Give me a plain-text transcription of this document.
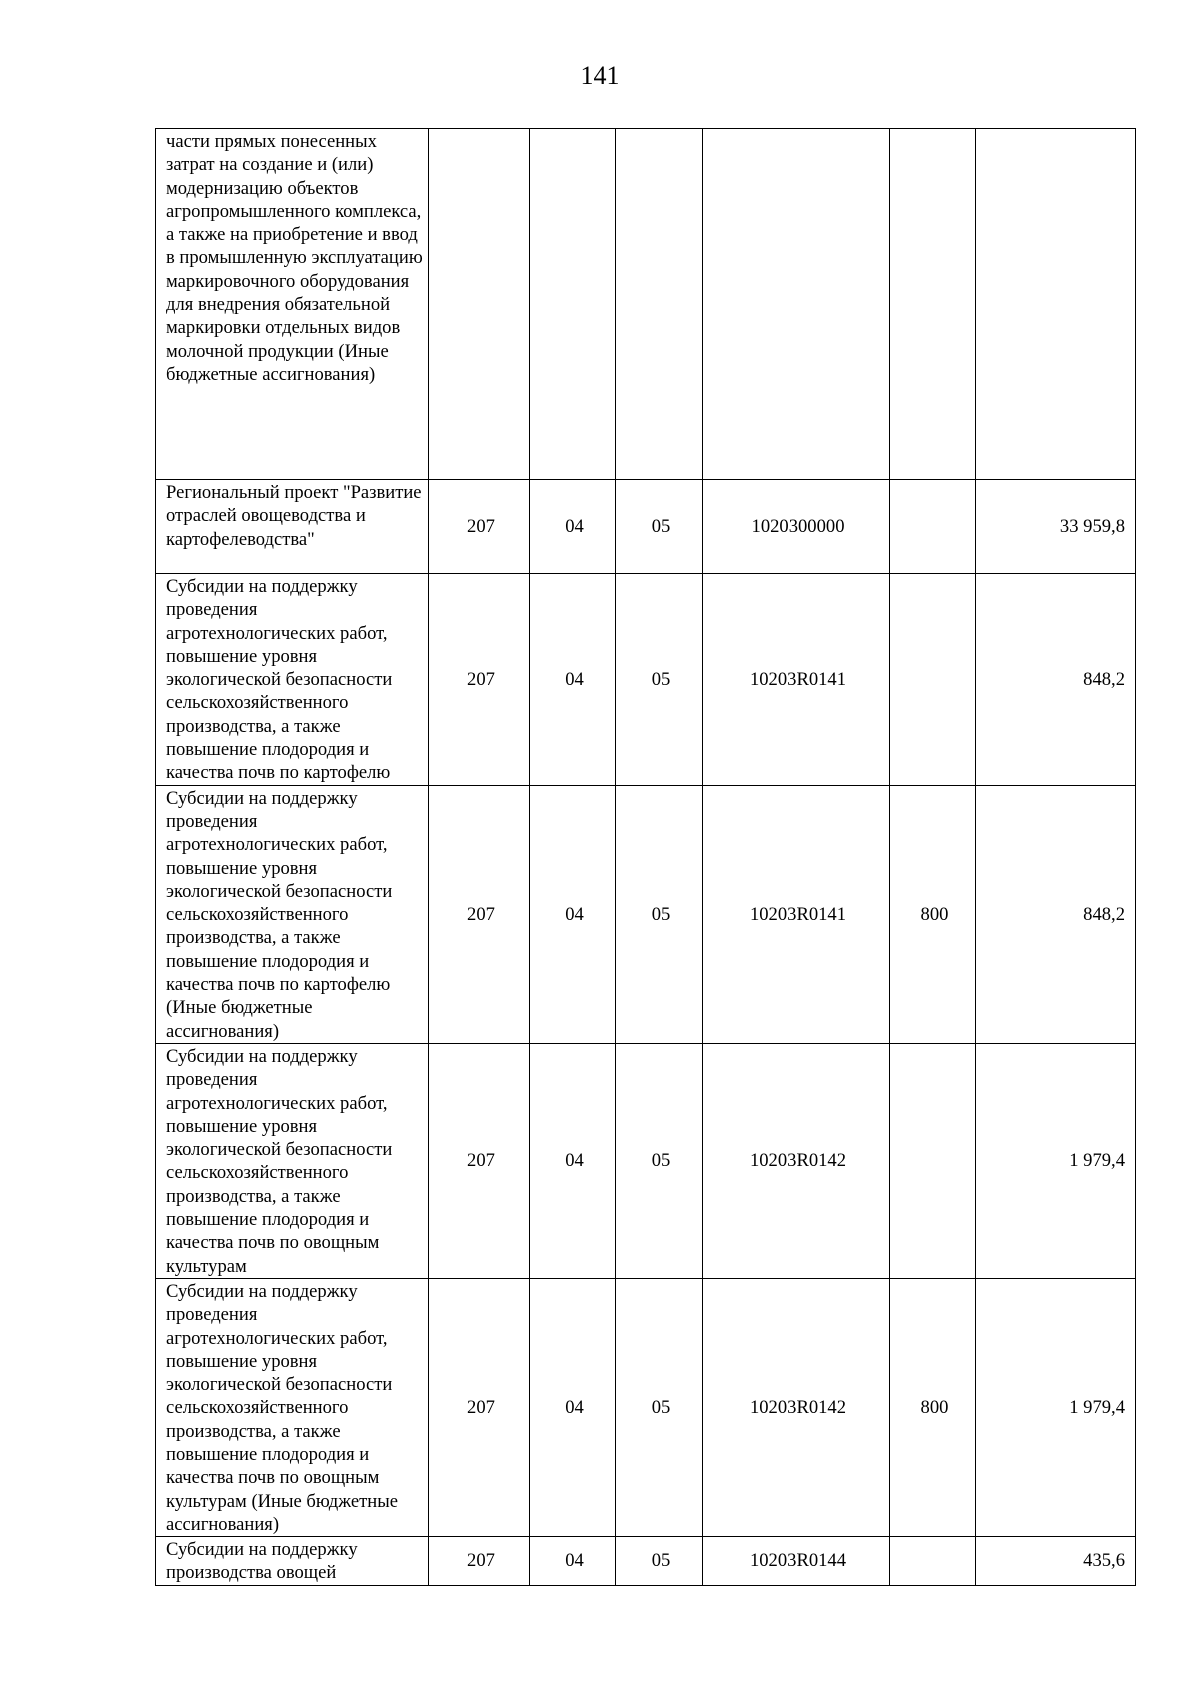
141
части прямых понесенных затрат на создание и (или) модернизацию объектов агропромышленного комплекса, а также на приобретение и ввод в промышленную эксплуатацию маркировочного оборудования для внедрения обязательной маркировки отдельных видов молочной продукции (Иные бюджетные ассигнования)						
Региональный проект "Развитие отраслей овощеводства и картофелеводства"	207	04	05	1020300000		33 959,8
Субсидии на поддержку проведения агротехнологических работ, повышение уровня экологической безопасности сельскохозяйственного производства, а также повышение плодородия и качества почв по картофелю	207	04	05	10203R0141		848,2
Субсидии на поддержку проведения агротехнологических работ, повышение уровня экологической безопасности сельскохозяйственного производства, а также повышение плодородия и качества почв по картофелю (Иные бюджетные ассигнования)	207	04	05	10203R0141	800	848,2
Субсидии на поддержку проведения агротехнологических работ, повышение уровня экологической безопасности сельскохозяйственного производства, а также повышение плодородия и качества почв по овощным культурам	207	04	05	10203R0142		1 979,4
Субсидии на поддержку проведения агротехнологических работ, повышение уровня экологической безопасности сельскохозяйственного производства, а также повышение плодородия и качества почв по овощным культурам (Иные бюджетные ассигнования)	207	04	05	10203R0142	800	1 979,4
Субсидии на поддержку производства овощей	207	04	05	10203R0144		435,6
